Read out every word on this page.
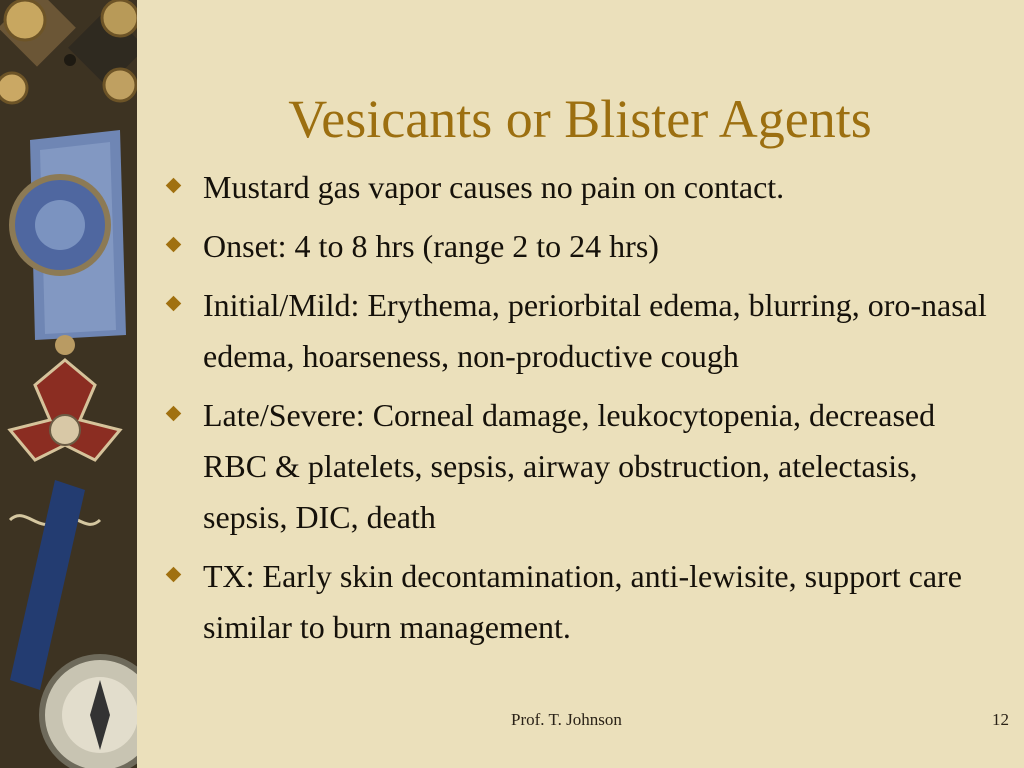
Vesicants or Blister Agents
Mustard gas vapor causes no pain on contact.
Onset: 4 to 8 hrs (range 2 to 24 hrs)
Initial/Mild: Erythema, periorbital edema, blurring, oro-nasal edema, hoarseness, non-productive cough
Late/Severe: Corneal damage, leukocytopenia, decreased RBC & platelets, sepsis, airway obstruction, atelectasis, sepsis, DIC, death
TX: Early skin decontamination, anti-lewisite, support care similar to burn management.
Prof. T. Johnson	12
